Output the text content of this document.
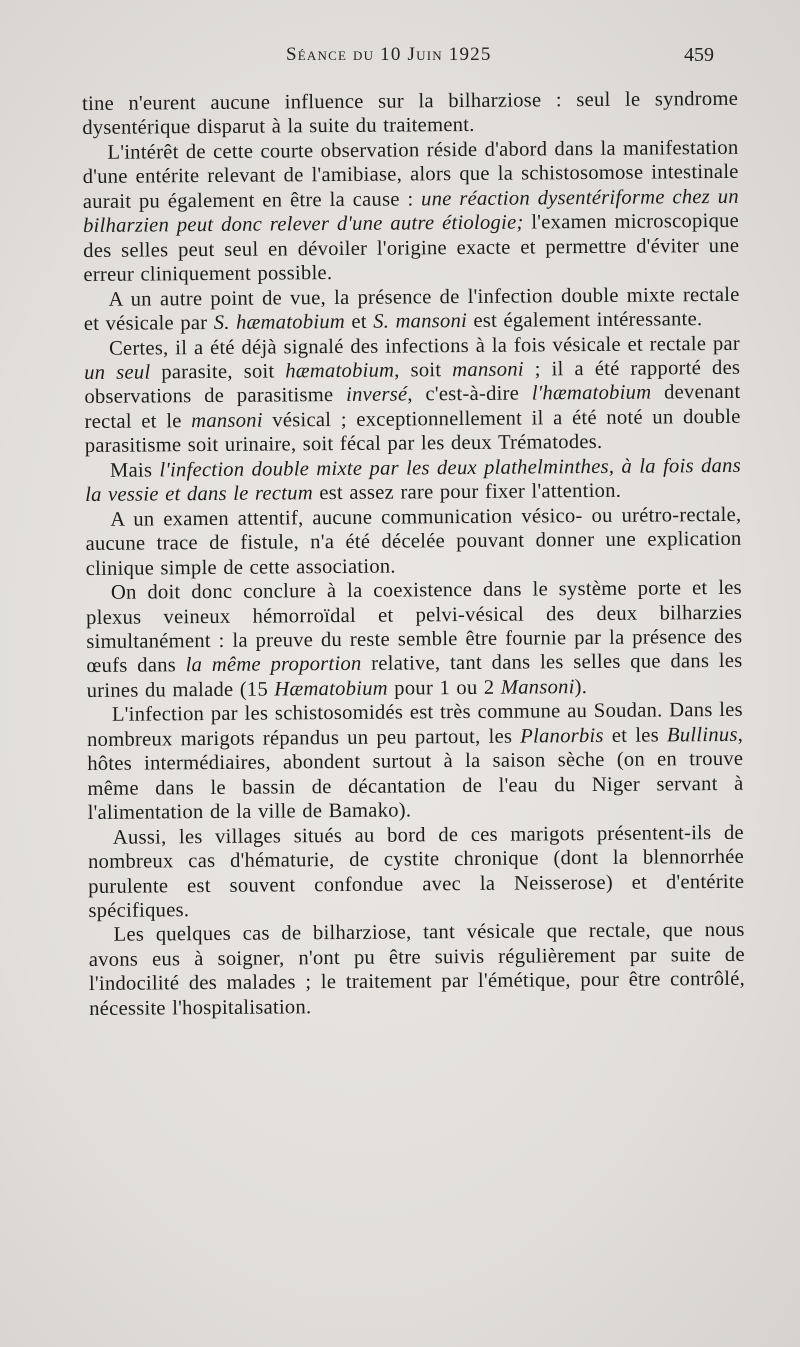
Séance du 10 Juin 1925	459

tine n'eurent aucune influence sur la bilharziose : seul le syndrome dysentérique disparut à la suite du traitement.

L'intérêt de cette courte observation réside d'abord dans la manifestation d'une entérite relevant de l'amibiase, alors que la schistosomose intestinale aurait pu également en être la cause : une réaction dysentériforme chez un bilharzien peut donc relever d'une autre étiologie; l'examen microscopique des selles peut seul en dévoiler l'origine exacte et permettre d'éviter une erreur cliniquement possible.

A un autre point de vue, la présence de l'infection double mixte rectale et vésicale par S. hæmatobium et S. mansoni est également intéressante.

Certes, il a été déjà signalé des infections à la fois vésicale et rectale par un seul parasite, soit hæmatobium, soit mansoni ; il a été rapporté des observations de parasitisme inversé, c'est-à-dire l'hæmatobium devenant rectal et le mansoni vésical ; exceptionnellement il a été noté un double parasitisme soit urinaire, soit fécal par les deux Trématodes.

Mais l'infection double mixte par les deux plathelminthes, à la fois dans la vessie et dans le rectum est assez rare pour fixer l'attention.

A un examen attentif, aucune communication vésico- ou urétro-rectale, aucune trace de fistule, n'a été décelée pouvant donner une explication clinique simple de cette association.

On doit donc conclure à la coexistence dans le système porte et les plexus veineux hémorroïdal et pelvi-vésical des deux bilharzies simultanément : la preuve du reste semble être fournie par la présence des œufs dans la même proportion relative, tant dans les selles que dans les urines du malade (15 Hæmatobium pour 1 ou 2 Mansoni).

L'infection par les schistosomidés est très commune au Soudan. Dans les nombreux marigots répandus un peu partout, les Planorbis et les Bullinus, hôtes intermédiaires, abondent surtout à la saison sèche (on en trouve même dans le bassin de décantation de l'eau du Niger servant à l'alimentation de la ville de Bamako).

Aussi, les villages situés au bord de ces marigots présentent-ils de nombreux cas d'hématurie, de cystite chronique (dont la blennorrhée purulente est souvent confondue avec la Neisserose) et d'entérite spécifiques.

Les quelques cas de bilharziose, tant vésicale que rectale, que nous avons eus à soigner, n'ont pu être suivis régulièrement par suite de l'indocilité des malades ; le traitement par l'émétique, pour être contrôlé, nécessite l'hospitalisation.
